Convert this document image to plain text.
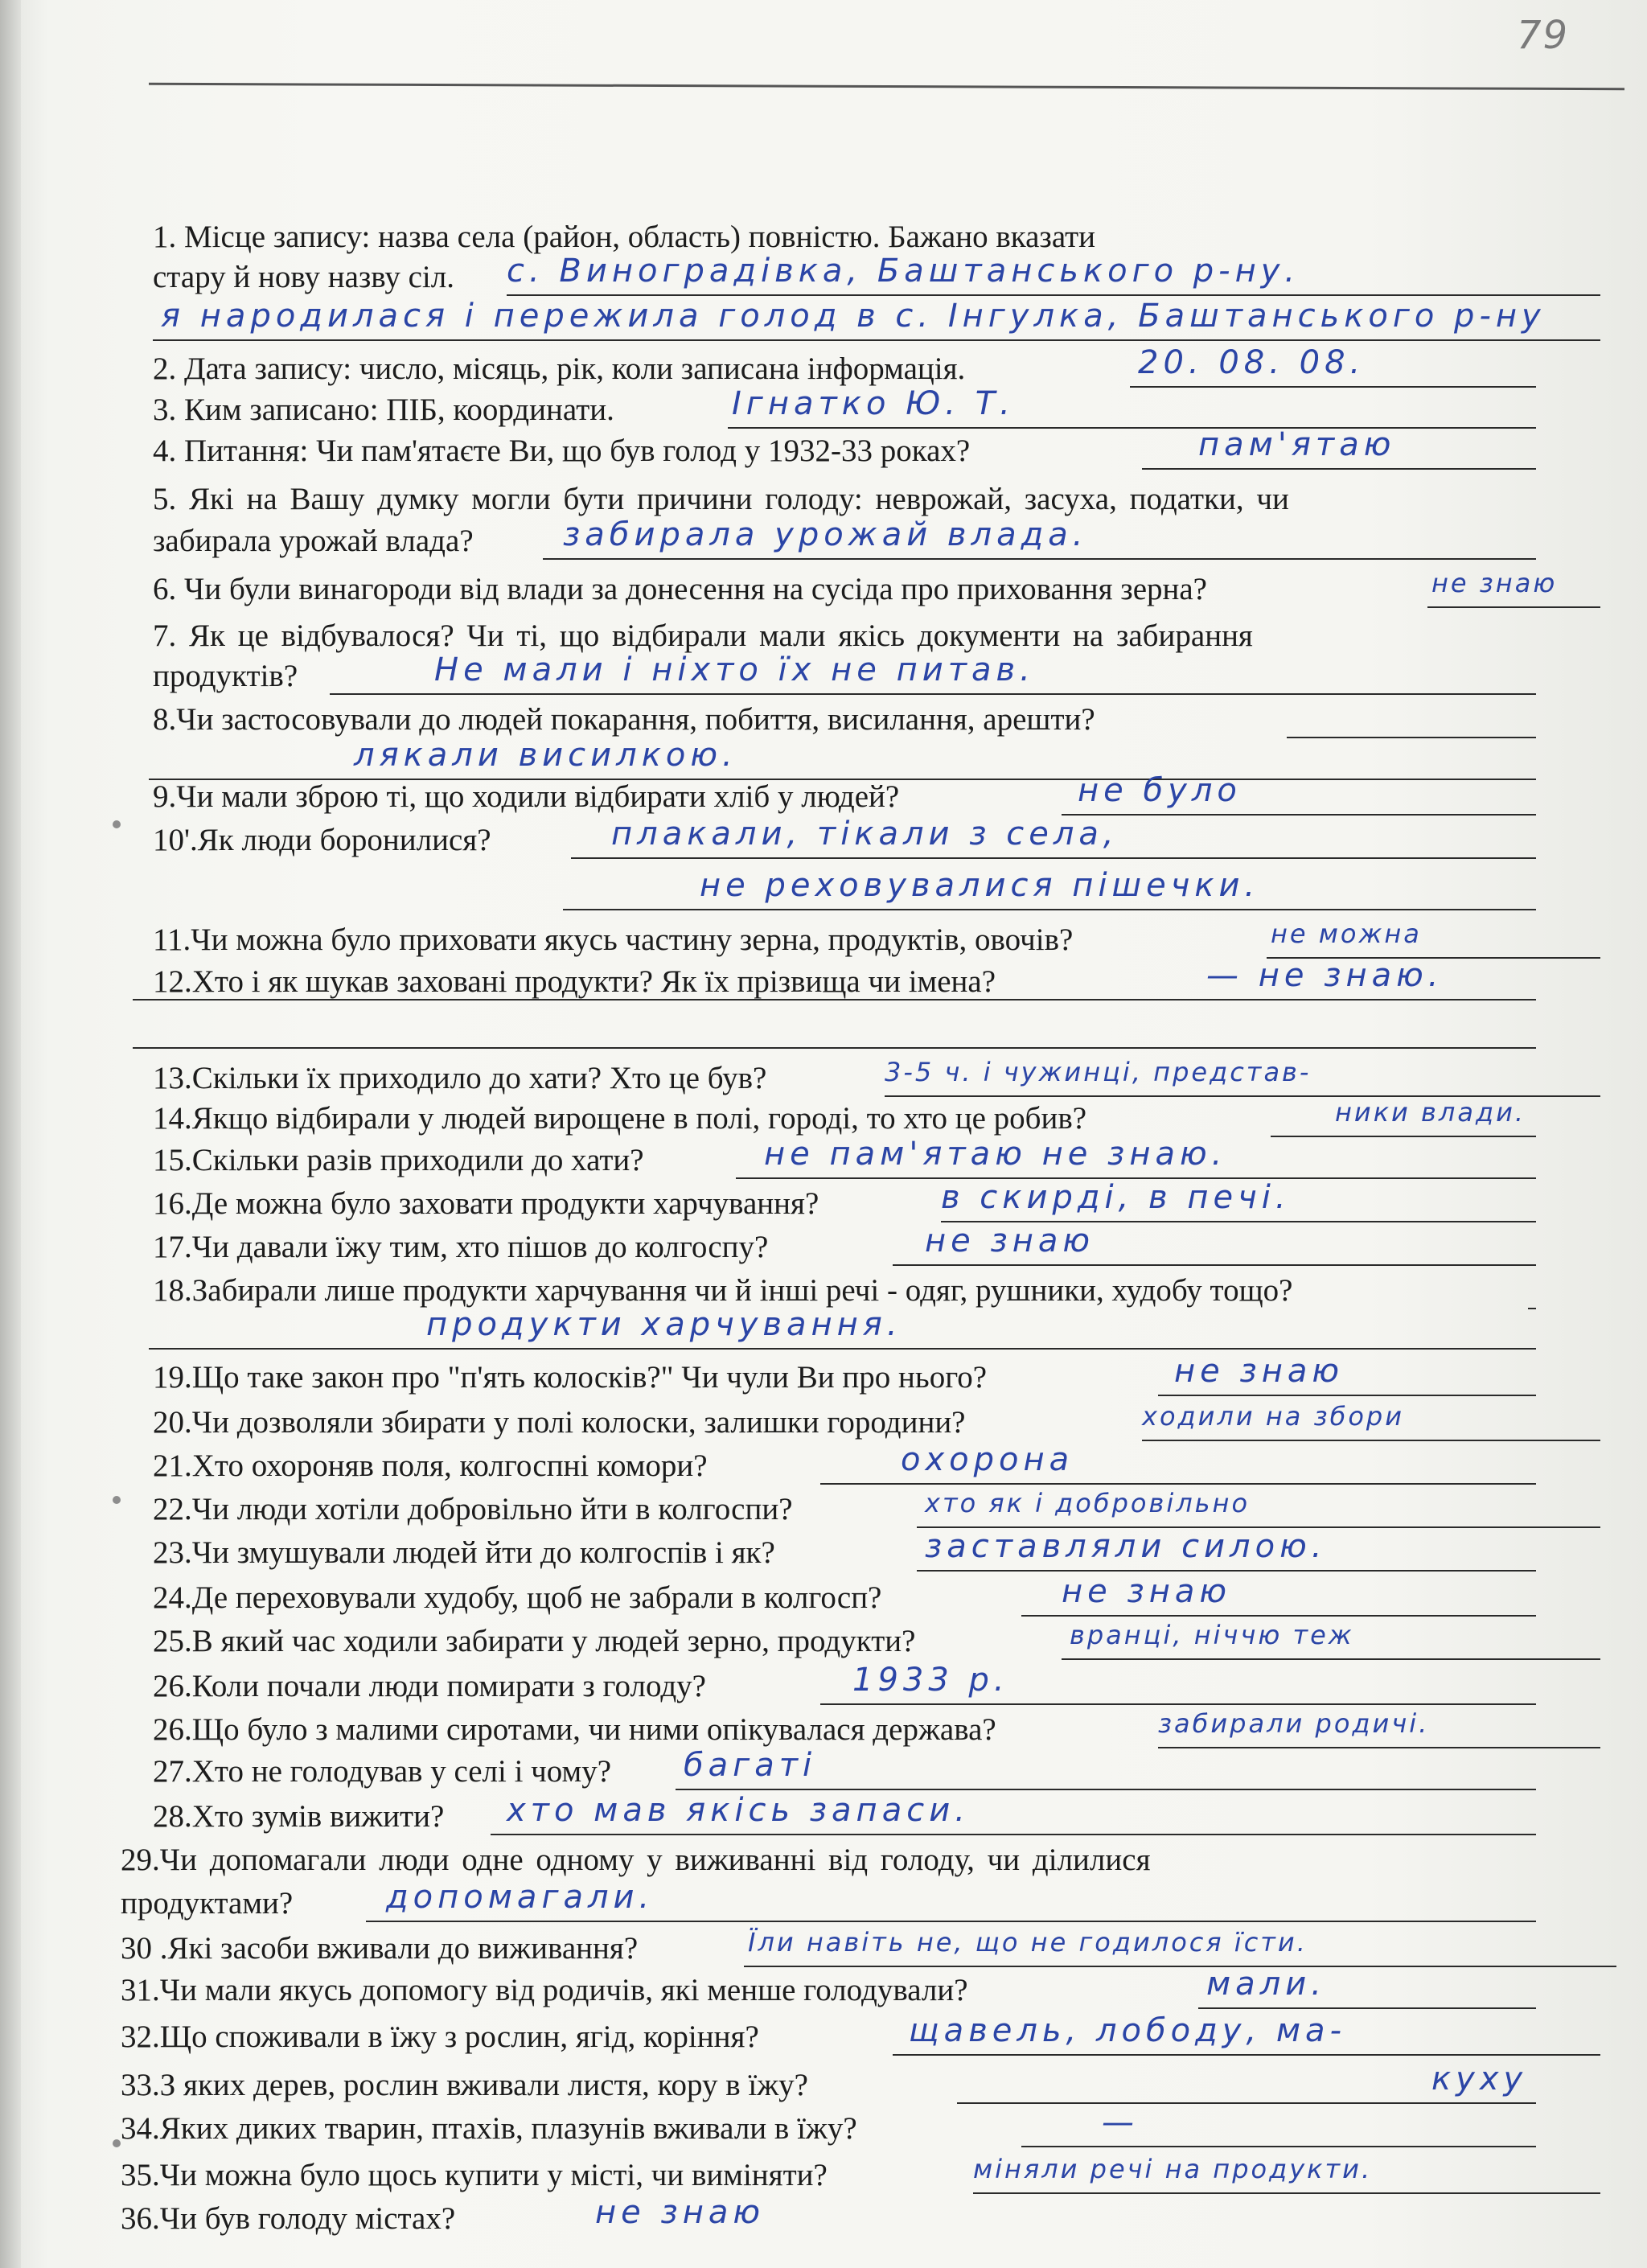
79
1. Місце запису: назва села (район, область) повністю. Бажано вказати
стару й нову назву сіл. с. Виноградівка, Баштанського р-ну.
я народилася і пережила голод в с. Інгулка, Баштанського р-ну
2. Дата запису: число, місяць, рік, коли записана інформація.	20. 08. 08.
3. Ким записано: ПІБ, координати.	Ігнатко Ю. Т.
4. Питання: Чи пам'ятаєте Ви, що був голод у 1932-33 роках?	пам'ятаю
5. Які на Вашу думку могли бути причини голоду: неврожай, засуха, податки, чи
забирала урожай влада?	забирала урожай влада.
6. Чи були винагороди від влади за донесення на сусіда про приховання зерна?	не знаю
7. Як це відбувалося? Чи ті, що відбирали мали якісь документи на забирання
продуктів?	Не мали і ніхто їх не питав.
8.Чи застосовували до людей покарання, побиття, висилання, арешти?
лякали висилкою.
9.Чи мали зброю ті, що ходили відбирати хліб у людей?	не було
10'.Як люди боронилися?	плакали, тікали з села,
не реховувалися пішечки.
11.Чи можна було приховати якусь частину зерна, продуктів, овочів?	не можна
12.Хто і як шукав заховані продукти? Як їх прізвища чи імена?	— не знаю.
13.Скільки їх приходило до хати? Хто це був?	3-5 ч. і чужинці, представ-
14.Якщо відбирали у людей вирощене в полі, городі, то хто це робив?	ники влади.
15.Скільки разів приходили до хати?	не пам'ятаю не знаю.
16.Де можна було заховати продукти харчування?	в скирді, в печі.
17.Чи давали їжу тим, хто пішов до колгоспу?	не знаю
18.Забирали лише продукти харчування чи й інші речі - одяг, рушники, худобу тощо?
продукти харчування.
19.Що таке закон про "п'ять колосків?" Чи чули Ви про нього?	не знаю
20.Чи дозволяли збирати у полі колоски, залишки городини?	ходили на збори
21.Хто охороняв поля, колгоспні комори?	охорона
22.Чи люди хотіли добровільно йти в колгоспи?	хто як і добровільно
23.Чи змушували людей йти до колгоспів і як?	заставляли силою.
24.Де переховували худобу, щоб не забрали в колгосп?	не знаю
25.В який час ходили забирати у людей зерно, продукти?	вранці, ніччю теж
26.Коли почали люди помирати з голоду?	1933 р.
26.Що було з малими сиротами, чи ними опікувалася держава?	забирали родичі.
27.Хто не голодував у селі і чому? багаті
28.Хто зумів вижити? хто мав якісь запаси.
29.Чи допомагали люди одне одному у виживанні від голоду, чи ділилися
продуктами?	допомагали.
30 .Які засоби вживали до виживання?	Їли навіть не, що не годилося їсти.
31.Чи мали якусь допомогу від родичів, які менше голодували?	мали.
32.Що споживали в їжу з рослин, ягід, коріння?	щавель, лободу, ма-
33.З яких дерев, рослин вживали листя, кору в їжу?	куху
34.Яких диких тварин, птахів, плазунів вживали в їжу?	—
35.Чи можна було щось купити у місті, чи виміняти?	міняли речі на продукти.
36.Чи був голоду містах?	не знаю
